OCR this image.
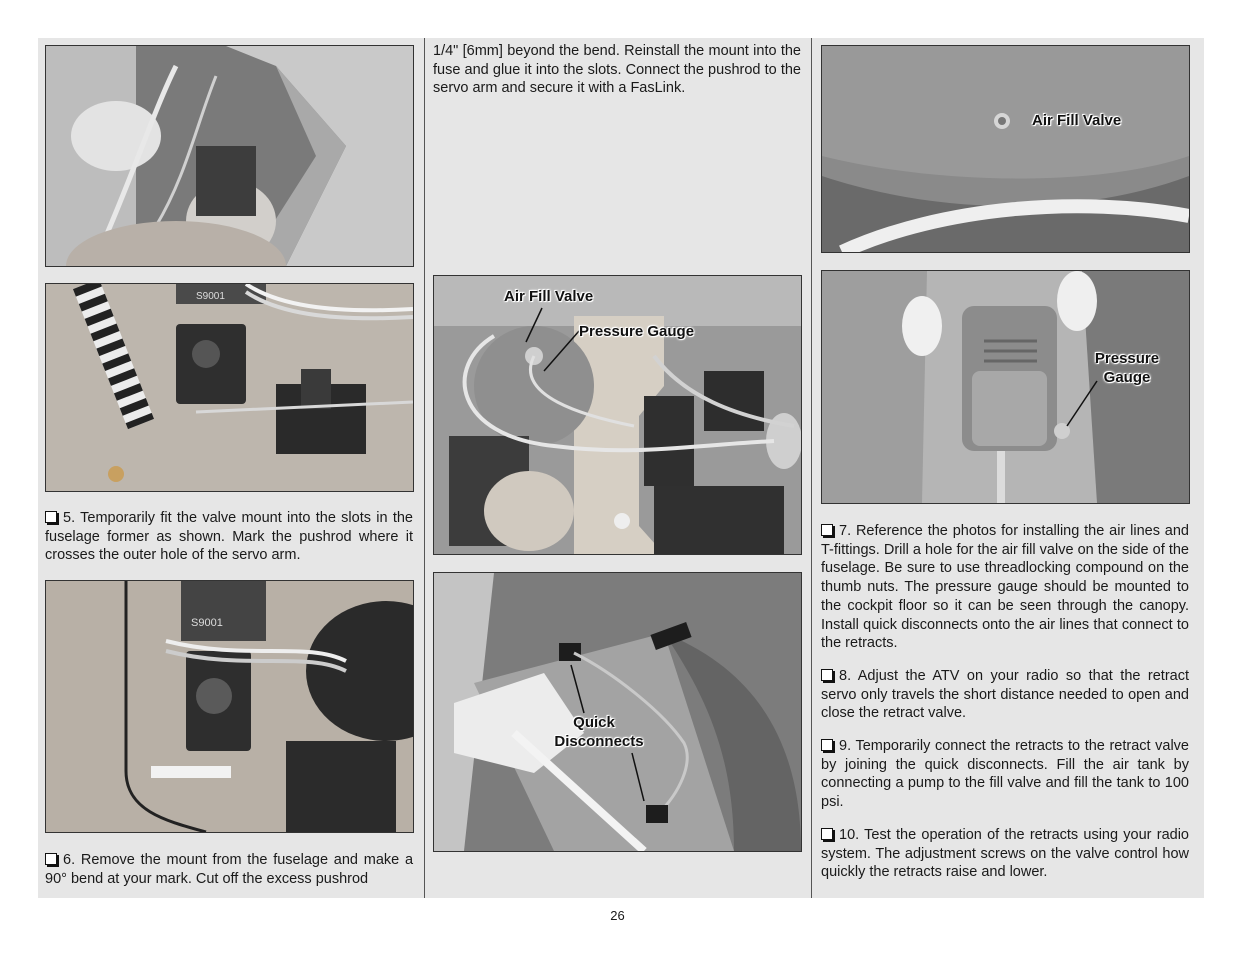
S9001
5. Temporarily fit the valve mount into the slots in the fuselage former as shown. Mark the pushrod where it crosses the outer hole of the servo arm.
S9001
6. Remove the mount from the fuselage and make a 90° bend at your mark. Cut off the excess pushrod
1/4" [6mm] beyond the bend. Reinstall the mount into the fuse and glue it into the slots. Connect the pushrod to the servo arm and secure it with a FasLink.
Air Fill Valve
Pressure Gauge
Quick
Disconnects
Air Fill Valve
Pressure
Gauge
7. Reference the photos for installing the air lines and T-fittings. Drill a hole for the air fill valve on the side of the fuselage. Be sure to use threadlocking compound on the thumb nuts. The pressure gauge should be mounted to the cockpit floor so it can be seen through the canopy. Install quick disconnects onto the air lines that connect to the retracts.
8. Adjust the ATV on your radio so that the retract servo only travels the short distance needed to open and close the retract valve.
9. Temporarily connect the retracts to the retract valve by joining the quick disconnects. Fill the air tank by connecting a pump to the fill valve and fill the tank to 100 psi.
10. Test the operation of the retracts using your radio system. The adjustment screws on the valve control how quickly the retracts raise and lower.
26
